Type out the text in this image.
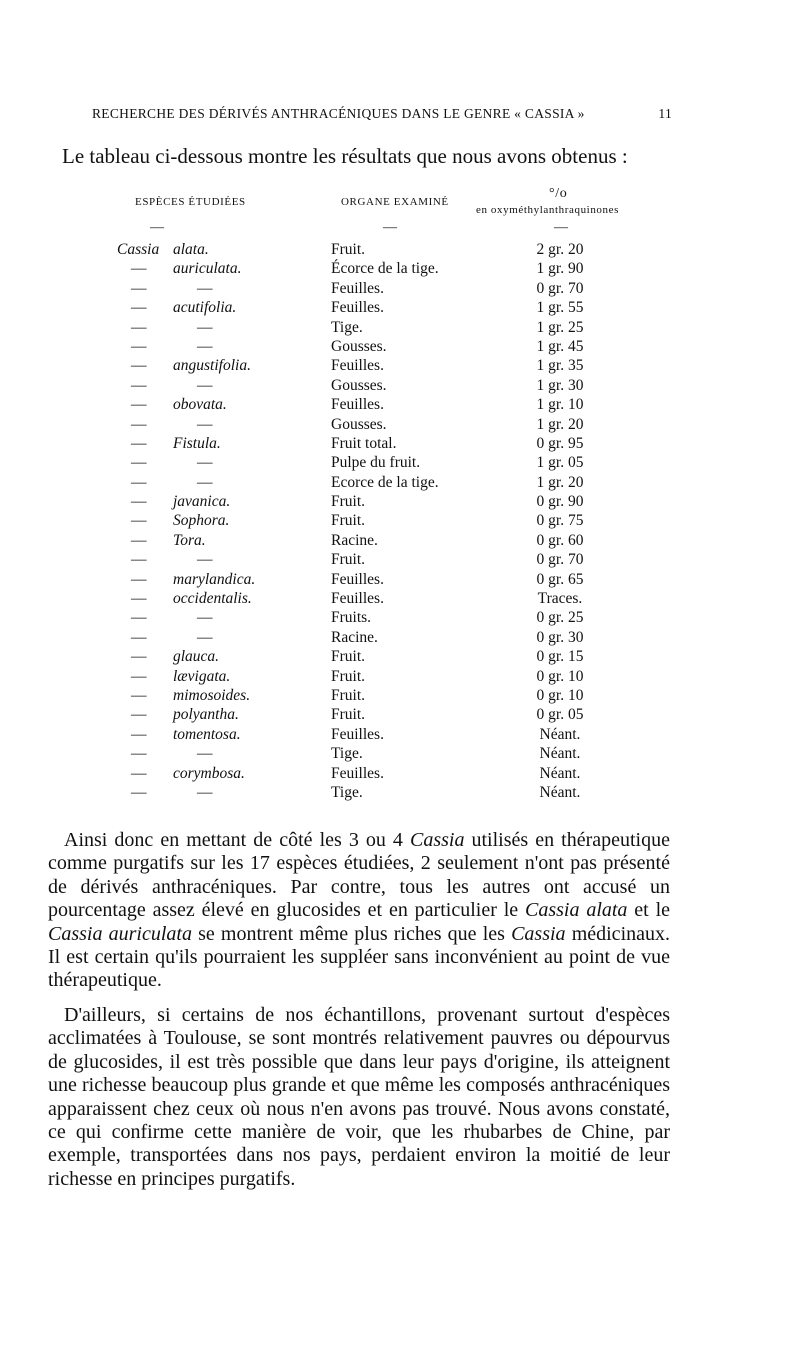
RECHERCHE DES DÉRIVÉS ANTHRACÉNIQUES DANS LE GENRE « CASSIA »	11
Le tableau ci-dessous montre les résultats que nous avons obtenus :
ESPÈCES ÉTUDIÉES	ORGANE EXAMINÉ
°/o
en oxyméthylanthraquinones
—	—	—
Cassia alata.	Fruit.	2 gr. 20
— auriculata.	Écorce de la tige.	1 gr. 90
—	—	Feuilles.	0 gr. 70
— acutifolia.	Feuilles.	1 gr. 55
—	—	Tige.	1 gr. 25
—	—	Gousses.	1 gr. 45
— angustifolia.	Feuilles.	1 gr. 35
—	—	Gousses.	1 gr. 30
— obovata.	Feuilles.	1 gr. 10
—	—	Gousses.	1 gr. 20
— Fistula.	Fruit total.	0 gr. 95
—	—	Pulpe du fruit.	1 gr. 05
—	—	Ecorce de la tige.	1 gr. 20
— javanica.	Fruit.	0 gr. 90
— Sophora.	Fruit.	0 gr. 75
— Tora.	Racine.	0 gr. 60
—	—	Fruit.	0 gr. 70
— marylandica.	Feuilles.	0 gr. 65
— occidentalis.	Feuilles.	Traces.
—	—	Fruits.	0 gr. 25
—	—	Racine.	0 gr. 30
— glauca.	Fruit.	0 gr. 15
— lævigata.	Fruit.	0 gr. 10
— mimosoides.	Fruit.	0 gr. 10
— polyantha.	Fruit.	0 gr. 05
— tomentosa.	Feuilles.	Néant.
—	—	Tige.	Néant.
— corymbosa.	Feuilles.	Néant.
—	—	Tige.	Néant.
Ainsi donc en mettant de côté les 3 ou 4 Cassia utilisés en thérapeutique comme purgatifs sur les 17 espèces étudiées, 2 seulement n'ont pas présenté de dérivés anthracéniques. Par contre, tous les autres ont accusé un pourcentage assez élevé en glucosides et en particulier le Cassia alata et le Cassia auriculata se montrent même plus riches que les Cassia médicinaux. Il est certain qu'ils pourraient les suppléer sans inconvénient au point de vue thérapeutique.
D'ailleurs, si certains de nos échantillons, provenant surtout d'espèces acclimatées à Toulouse, se sont montrés relativement pauvres ou dépourvus de glucosides, il est très possible que dans leur pays d'origine, ils atteignent une richesse beaucoup plus grande et que même les composés anthracéniques apparaissent chez ceux où nous n'en avons pas trouvé. Nous avons constaté, ce qui confirme cette manière de voir, que les rhubarbes de Chine, par exemple, transportées dans nos pays, perdaient environ la moitié de leur richesse en principes purgatifs.
